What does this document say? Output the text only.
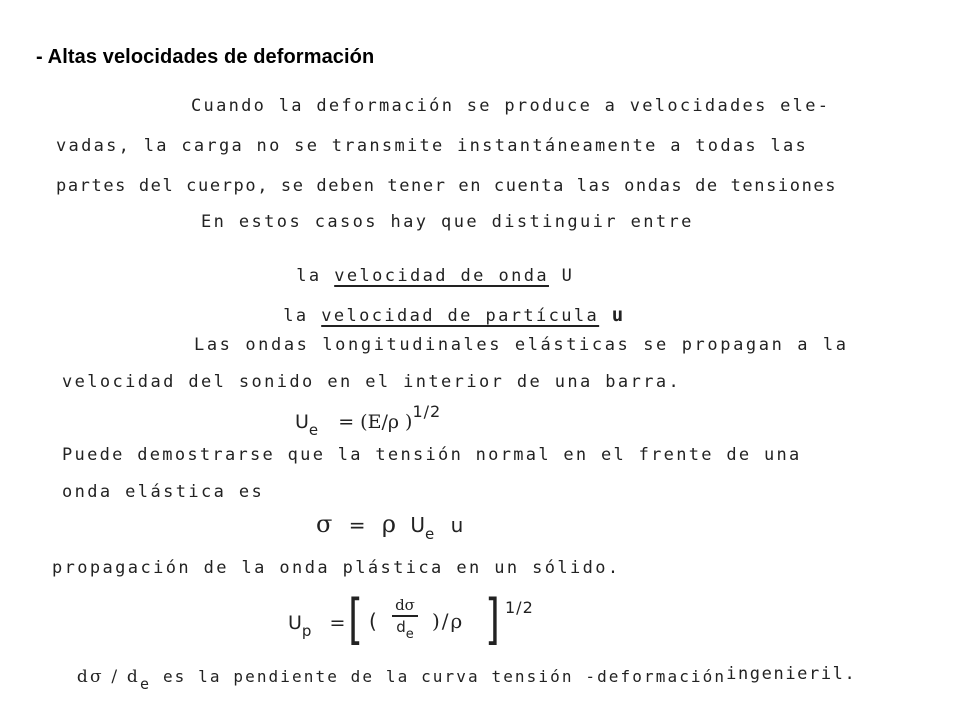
- Altas velocidades de deformación
Cuando la deformación se produce a velocidades ele-
vadas, la carga no se transmite instantáneamente a todas las
partes del cuerpo, se deben tener en cuenta las ondas de tensiones
En estos casos hay que distinguir entre

la velocidad de onda U

la velocidad de partícula u

Las ondas longitudinales elásticas se propagan a la
velocidad del sonido en el interior de una barra.
$U_e = (E/\rho$ )$^{1/2}$
Puede demostrarse que la tensión normal en el frente de una
onda elástica es
σ = ρ $U_e$ u
propagación de la onda plástica en un sólido.
$U_p$ = [ (
dσ
de
)/ρ ] 1/2

dσ / de es la pendiente de la curva tensión -deformacióningenieril.
